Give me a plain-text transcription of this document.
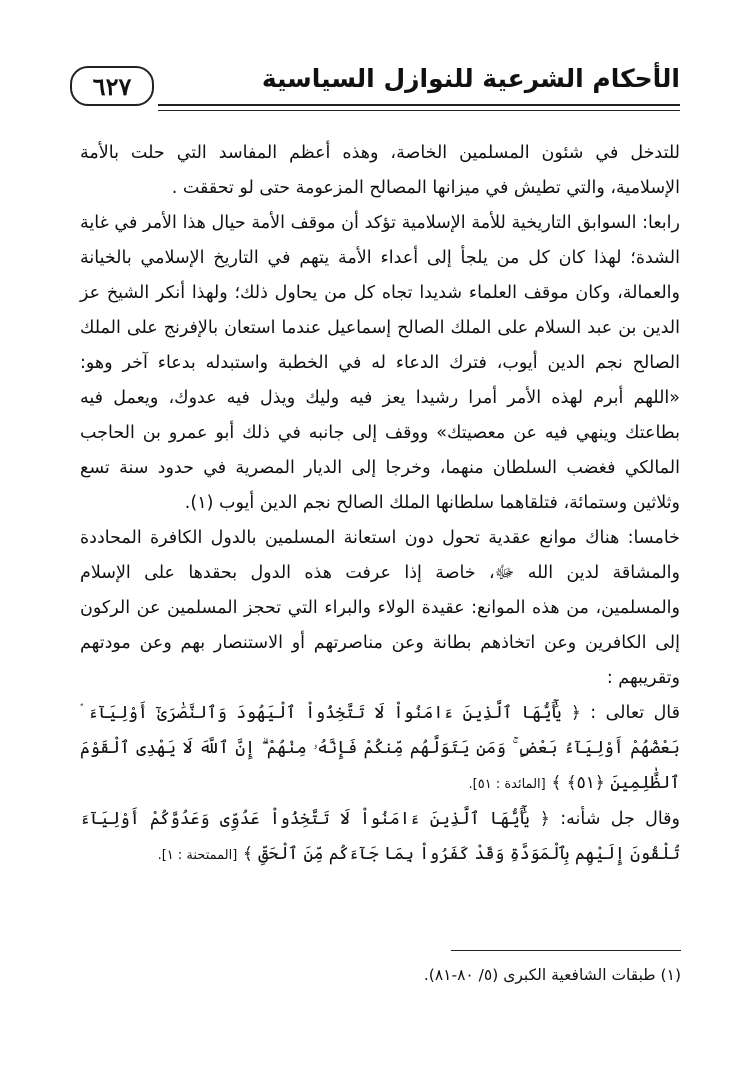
٦٢٧	الأحكام الشرعية للنوازل السياسية

للتدخل في شئون المسلمين الخاصة، وهذه أعظم المفاسد التي حلت بالأمة الإسلامية، والتي تطيش في ميزانها المصالح المزعومة حتى لو تحققت .

رابعا: السوابق التاريخية للأمة الإسلامية تؤكد أن موقف الأمة حيال هذا الأمر في غاية الشدة؛ لهذا كان كل من يلجأ إلى أعداء الأمة يتهم في التاريخ الإسلامي بالخيانة والعمالة، وكان موقف العلماء شديدا تجاه كل من يحاول ذلك؛ ولهذا أنكر الشيخ عز الدين بن عبد السلام على الملك الصالح إسماعيل عندما استعان بالإفرنج على الملك الصالح نجم الدين أيوب، فترك الدعاء له في الخطبة واستبدله بدعاء آخر وهو: «اللهم أبرم لهذه الأمر أمرا رشيدا يعز فيه وليك ويذل فيه عدوك، ويعمل فيه بطاعتك وينهي فيه عن معصيتك» ووقف إلى جانبه في ذلك أبو عمرو بن الحاجب المالكي فغضب السلطان منهما، وخرجا إلى الديار المصرية في حدود سنة تسع وثلاثين وستمائة، فتلقاهما سلطانها الملك الصالح نجم الدين أيوب (١).

خامسا: هناك موانع عقدية تحول دون استعانة المسلمين بالدول الكافرة المحاددة والمشاقة لدين الله ﷻ، خاصة إذا عرفت هذه الدول بحقدها على الإسلام والمسلمين، من هذه الموانع: عقيدة الولاء والبراء التي تحجز المسلمين عن الركون إلى الكافرين وعن اتخاذهم بطانة وعن مناصرتهم أو الاستنصار بهم وعن مودتهم وتقريبهم :

قال تعالى : ﴿ يَٰٓأَيُّهَا ٱلَّذِينَ ءَامَنُواْ لَا تَتَّخِذُواْ ٱلْيَهُودَ وَٱلنَّصَٰرَىٰٓ أَوْلِيَآءَ ۘ بَعْضُهُمْ أَوْلِيَآءُ بَعْضٍ ۚ وَمَن يَتَوَلَّهُم مِّنكُمْ فَإِنَّهُۥ مِنْهُمْ ۗ إِنَّ ٱللَّهَ لَا يَهْدِى ٱلْقَوْمَ ٱلظَّٰلِمِينَ ﴿٥١﴾ ﴾ [المائدة : ٥١].

وقال جل شأنه: ﴿ يَٰٓأَيُّهَا ٱلَّذِينَ ءَامَنُواْ لَا تَتَّخِذُواْ عَدُوِّى وَعَدُوَّكُمْ أَوْلِيَآءَ تُلْقُونَ إِلَيْهِم بِٱلْمَوَدَّةِ وَقَدْ كَفَرُواْ بِمَا جَآءَكُم مِّنَ ٱلْحَقِّ ﴾ [الممتحنة : ١].

(١) طبقات الشافعية الكبرى (٥/ ٨٠-٨١).
